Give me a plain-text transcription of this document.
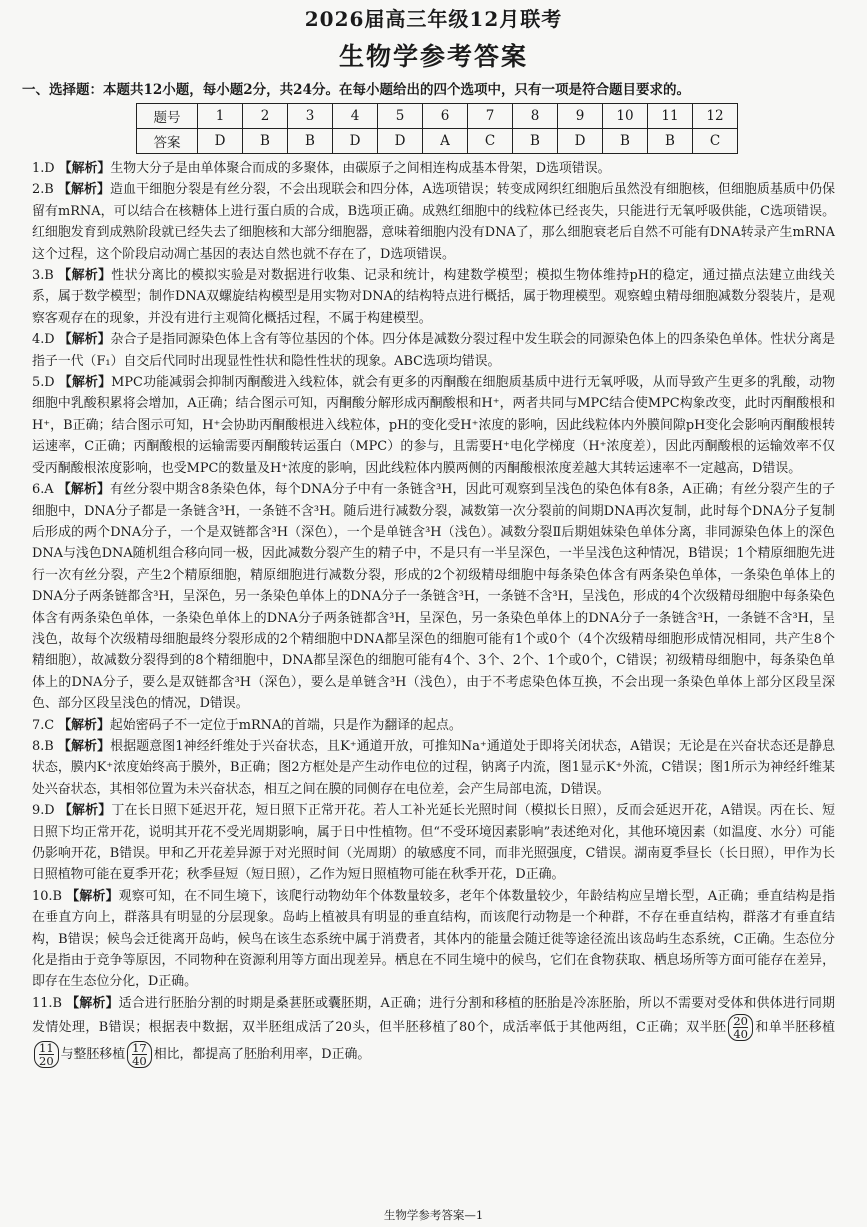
2026届高三年级12月联考
生物学参考答案

一、选择题：本题共12小题，每小题2分，共24分。在每小题给出的四个选项中，只有一项是符合题目要求的。

题号	1	2	3	4	5	6	7	8	9	10	11	12
答案	D	B	B	D	D	A	C	B	D	B	B	C

1.D 【解析】生物大分子是由单体聚合而成的多聚体，由碳原子之间相连构成基本骨架，D选项错误。

2.B 【解析】造血干细胞分裂是有丝分裂，不会出现联会和四分体，A选项错误；转变成网织红细胞后虽然没有细胞核，但细胞质基质中仍保留有mRNA，可以结合在核糖体上进行蛋白质的合成，B选项正确。成熟红细胞中的线粒体已经丧失，只能进行无氧呼吸供能，C选项错误。红细胞发育到成熟阶段就已经失去了细胞核和大部分细胞器，意味着细胞内没有DNA了，那么细胞衰老后自然不可能有DNA转录产生mRNA这个过程，这个阶段启动凋亡基因的表达自然也就不存在了，D选项错误。

3.B 【解析】性状分离比的模拟实验是对数据进行收集、记录和统计，构建数学模型；模拟生物体维持pH的稳定，通过描点法建立曲线关系，属于数学模型；制作DNA双螺旋结构模型是用实物对DNA的结构特点进行概括，属于物理模型。观察蝗虫精母细胞减数分裂装片，是观察客观存在的现象，并没有进行主观简化概括过程，不属于构建模型。

4.D 【解析】杂合子是指同源染色体上含有等位基因的个体。四分体是减数分裂过程中发生联会的同源染色体上的四条染色单体。性状分离是指子一代（F₁）自交后代同时出现显性性状和隐性性状的现象。ABC选项均错误。

5.D 【解析】MPC功能减弱会抑制丙酮酸进入线粒体，就会有更多的丙酮酸在细胞质基质中进行无氧呼吸，从而导致产生更多的乳酸，动物细胞中乳酸积累将会增加，A正确；结合图示可知，丙酮酸分解形成丙酮酸根和H⁺，两者共同与MPC结合使MPC构象改变，此时丙酮酸根和H⁺，B正确；结合图示可知，H⁺会协助丙酮酸根进入线粒体，pH的变化受H⁺浓度的影响，因此线粒体内外膜间隙pH变化会影响丙酮酸根转运速率，C正确；丙酮酸根的运输需要丙酮酸转运蛋白（MPC）的参与，且需要H⁺电化学梯度（H⁺浓度差），因此丙酮酸根的运输效率不仅受丙酮酸根浓度影响，也受MPC的数量及H⁺浓度的影响，因此线粒体内膜两侧的丙酮酸根浓度差越大其转运速率不一定越高，D错误。

6.A 【解析】有丝分裂中期含8条染色体，每个DNA分子中有一条链含³H，因此可观察到呈浅色的染色体有8条，A正确；有丝分裂产生的子细胞中，DNA分子都是一条链含³H，一条链不含³H。随后进行减数分裂，减数第一次分裂前的间期DNA再次复制，此时每个DNA分子复制后形成的两个DNA分子，一个是双链都含³H（深色），一个是单链含³H（浅色）。减数分裂Ⅱ后期姐妹染色单体分离，非同源染色体上的深色DNA与浅色DNA随机组合移向同一极，因此减数分裂产生的精子中，不是只有一半呈深色，一半呈浅色这种情况，B错误；1个精原细胞先进行一次有丝分裂，产生2个精原细胞，精原细胞进行减数分裂，形成的2个初级精母细胞中每条染色体含有两条染色单体，一条染色单体上的DNA分子两条链都含³H，呈深色，另一条染色单体上的DNA分子一条链含³H，一条链不含³H，呈浅色，形成的4个次级精母细胞中每条染色体含有两条染色单体，一条染色单体上的DNA分子两条链都含³H，呈深色，另一条染色单体上的DNA分子一条链含³H，一条链不含³H，呈浅色，故每个次级精母细胞最终分裂形成的2个精细胞中DNA都呈深色的细胞可能有1个或0个（4个次级精母细胞形成情况相同，共产生8个精细胞），故减数分裂得到的8个精细胞中，DNA都呈深色的细胞可能有4个、3个、2个、1个或0个，C错误；初级精母细胞中，每条染色单体上的DNA分子，要么是双链都含³H（深色），要么是单链含³H（浅色），由于不考虑染色体互换，不会出现一条染色单体上部分区段呈深色、部分区段呈浅色的情况，D错误。

7.C 【解析】起始密码子不一定位于mRNA的首端，只是作为翻译的起点。

8.B 【解析】根据题意图1神经纤维处于兴奋状态，且K⁺通道开放，可推知Na⁺通道处于即将关闭状态，A错误；无论是在兴奋状态还是静息状态，膜内K⁺浓度始终高于膜外，B正确；图2方框处是产生动作电位的过程，钠离子内流，图1显示K⁺外流，C错误；图1所示为神经纤维某处兴奋状态，其相邻位置为未兴奋状态，相互之间在膜的同侧存在电位差，会产生局部电流，D错误。

9.D 【解析】丁在长日照下延迟开花，短日照下正常开花。若人工补光延长光照时间（模拟长日照），反而会延迟开花，A错误。丙在长、短日照下均正常开花，说明其开花不受光周期影响，属于日中性植物。但“不受环境因素影响”表述绝对化，其他环境因素（如温度、水分）可能仍影响开花，B错误。甲和乙开花差异源于对光照时间（光周期）的敏感度不同，而非光照强度，C错误。湖南夏季昼长（长日照），甲作为长日照植物可能在夏季开花；秋季昼短（短日照），乙作为短日照植物可能在秋季开花，D正确。

10.B 【解析】观察可知，在不同生境下，该爬行动物幼年个体数量较多，老年个体数量较少，年龄结构应呈增长型，A正确；垂直结构是指在垂直方向上，群落具有明显的分层现象。岛屿上植被具有明显的垂直结构，而该爬行动物是一个种群，不存在垂直结构，群落才有垂直结构，B错误；候鸟会迁徙离开岛屿，候鸟在该生态系统中属于消费者，其体内的能量会随迁徙等途径流出该岛屿生态系统，C正确。生态位分化是指由于竞争等原因，不同物种在资源利用等方面出现差异。栖息在不同生境中的候鸟，它们在食物获取、栖息场所等方面可能存在差异，即存在生态位分化，D正确。

11.B 【解析】适合进行胚胎分割的时期是桑葚胚或囊胚期，A正确；进行分割和移植的胚胎是冷冻胚胎，所以不需要对受体和供体进行同期发情处理，B错误；根据表中数据，双半胚组成活了20头，但半胚移植了80个，成活率低于其他两组，C正确；双半胚 $\frac{20}{40}$ 和单半胚移植
$\frac{11}{20}$ 与整胚移植 $\frac{17}{40}$ 相比，都提高了胚胎利用率，D正确。

生物学参考答案—1
